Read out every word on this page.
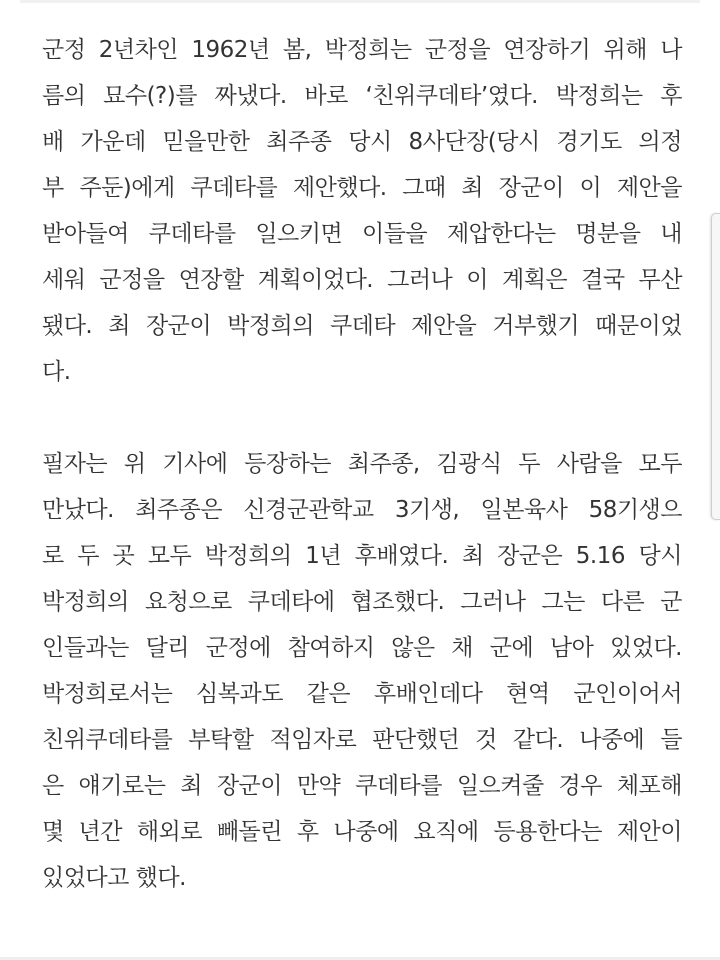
군정 2년차인 1962년 봄, 박정희는 군정을 연장하기 위해 나
름의 묘수(?)를 짜냈다. 바로 ‘친위쿠데타’였다. 박정희는 후
배 가운데 믿을만한 최주종 당시 8사단장(당시 경기도 의정
부 주둔)에게 쿠데타를 제안했다. 그때 최 장군이 이 제안을
받아들여 쿠데타를 일으키면 이들을 제압한다는 명분을 내
세워 군정을 연장할 계획이었다. 그러나 이 계획은 결국 무산
됐다. 최 장군이 박정희의 쿠데타 제안을 거부했기 때문이었
다.

필자는 위 기사에 등장하는 최주종, 김광식 두 사람을 모두
만났다. 최주종은 신경군관학교 3기생, 일본육사 58기생으
로 두 곳 모두 박정희의 1년 후배였다. 최 장군은 5.16 당시
박정희의 요청으로 쿠데타에 협조했다. 그러나 그는 다른 군
인들과는 달리 군정에 참여하지 않은 채 군에 남아 있었다.
박정희로서는 심복과도 같은 후배인데다 현역 군인이어서
친위쿠데타를 부탁할 적임자로 판단했던 것 같다. 나중에 들
은 얘기로는 최 장군이 만약 쿠데타를 일으켜줄 경우 체포해
몇 년간 해외로 빼돌린 후 나중에 요직에 등용한다는 제안이
있었다고 했다.
